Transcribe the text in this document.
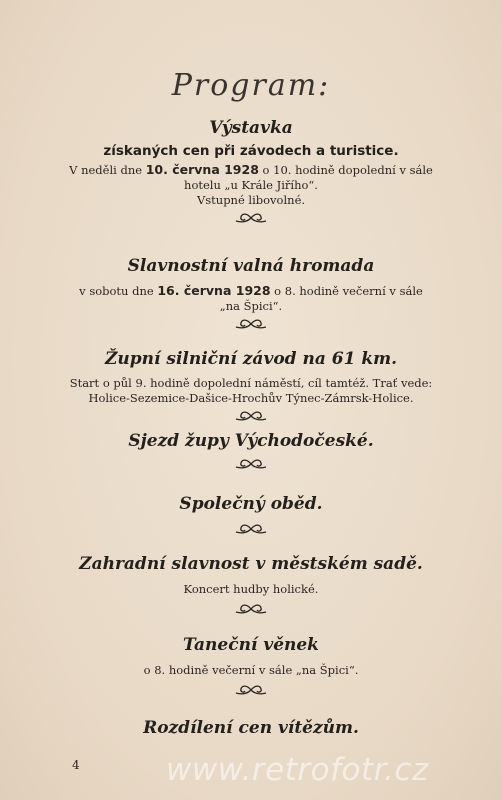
Program:
Výstavka
získaných cen při závodech a turistice.
V neděli dne 10. června 1928 o 10. hodině dopolední v sále
hotelu „u Krále Jiřího“.
Vstupné libovolné.
Slavnostní valná hromada
v sobotu dne 16. června 1928 o 8. hodině večerní v sále
„na Špici“.
Župní silniční závod na 61 km.
Start o půl 9. hodině dopolední náměstí, cíl tamtéž. Trať vede:
Holice-Sezemice-Dašice-Hrochův Týnec-Zámrsk-Holice.
Sjezd župy Východočeské.
Společný oběd.
Zahradní slavnost v městském sadě.
Koncert hudby holické.
Taneční věnek
o 8. hodině večerní v sále „na Špici“.
Rozdílení cen vítězům.
4	www.retrofotr.cz
